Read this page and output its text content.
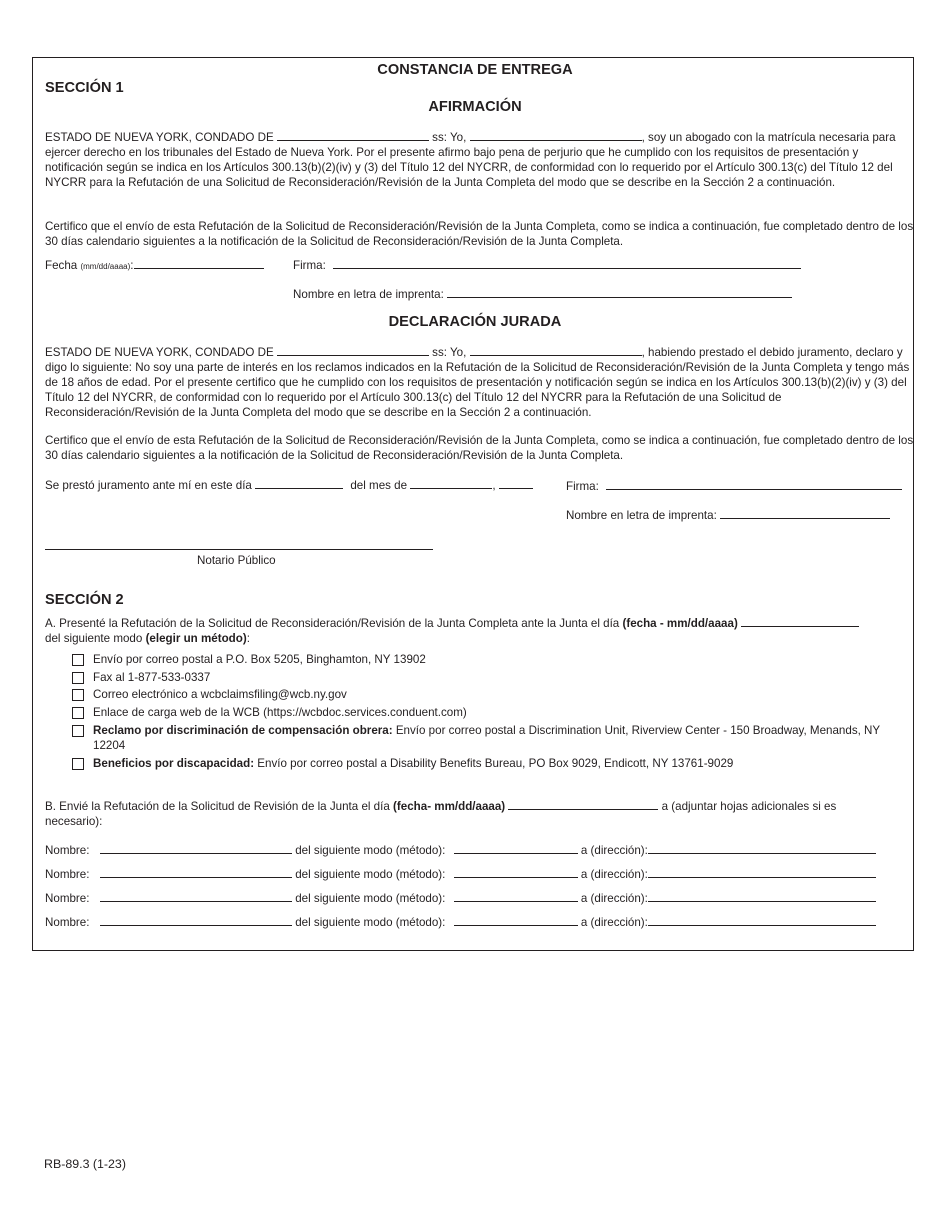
CONSTANCIA DE ENTREGA
SECCIÓN 1
AFIRMACIÓN
ESTADO DE NUEVA YORK, CONDADO DE	ss: Yo,	, soy un abogado con la matrícula necesaria para ejercer derecho en los tribunales del Estado de Nueva York. Por el presente afirmo bajo pena de perjurio que he cumplido con los requisitos de presentación y notificación según se indica en los Artículos 300.13(b)(2)(iv) y (3) del Título 12 del NYCRR, de conformidad con lo requerido por el Artículo 300.13(c) del Título 12 del NYCRR para la Refutación de una Solicitud de Reconsideración/Revisión de la Junta Completa del modo que se describe en la Sección 2 a continuación.
Certifico que el envío de esta Refutación de la Solicitud de Reconsideración/Revisión de la Junta Completa, como se indica a continuación, fue completado dentro de los 30 días calendario siguientes a la notificación de la Solicitud de Reconsideración/Revisión de la Junta Completa.
Fecha (mm/dd/aaaa):	Firma:
Nombre en letra de imprenta:
DECLARACIÓN JURADA
ESTADO DE NUEVA YORK, CONDADO DE	ss: Yo,	, habiendo prestado el debido juramento, declaro y digo lo siguiente: No soy una parte de interés en los reclamos indicados en la Refutación de la Solicitud de Reconsideración/Revisión de la Junta Completa y tengo más de 18 años de edad. Por el presente certifico que he cumplido con los requisitos de presentación y notificación según se indica en los Artículos 300.13(b)(2)(iv) y (3) del Título 12 del NYCRR, de conformidad con lo requerido por el Artículo 300.13(c) del Título 12 del NYCRR para la Refutación de una Solicitud de Reconsideración/Revisión de la Junta Completa del modo que se describe en la Sección 2 a continuación.
Certifico que el envío de esta Refutación de la Solicitud de Reconsideración/Revisión de la Junta Completa, como se indica a continuación, fue completado dentro de los 30 días calendario siguientes a la notificación de la Solicitud de Reconsideración/Revisión de la Junta Completa.
Se prestó juramento ante mí en este día	del mes de	,	Firma:
Nombre en letra de imprenta:
Notario Público
SECCIÓN 2
A. Presenté la Refutación de la Solicitud de Reconsideración/Revisión de la Junta Completa ante la Junta el día (fecha - mm/dd/aaaa)
del siguiente modo (elegir un método):
Envío por correo postal a P.O. Box 5205, Binghamton, NY 13902
Fax al 1-877-533-0337
Correo electrónico a wcbclaimsfiling@wcb.ny.gov
Enlace de carga web de la WCB (https://wcbdoc.services.conduent.com)
Reclamo por discriminación de compensación obrera: Envío por correo postal a Discrimination Unit, Riverview Center - 150 Broadway, Menands, NY 12204
Beneficios por discapacidad: Envío por correo postal a Disability Benefits Bureau, PO Box 9029, Endicott, NY 13761-9029
B. Envié la Refutación de la Solicitud de Revisión de la Junta el día (fecha- mm/dd/aaaa)	a (adjuntar hojas adicionales si es
necesario):
Nombre:	del siguiente modo (método):	a (dirección):
Nombre:	del siguiente modo (método):	a (dirección):
Nombre:	del siguiente modo (método):	a (dirección):
Nombre:	del siguiente modo (método):	a (dirección):
RB-89.3 (1-23)
